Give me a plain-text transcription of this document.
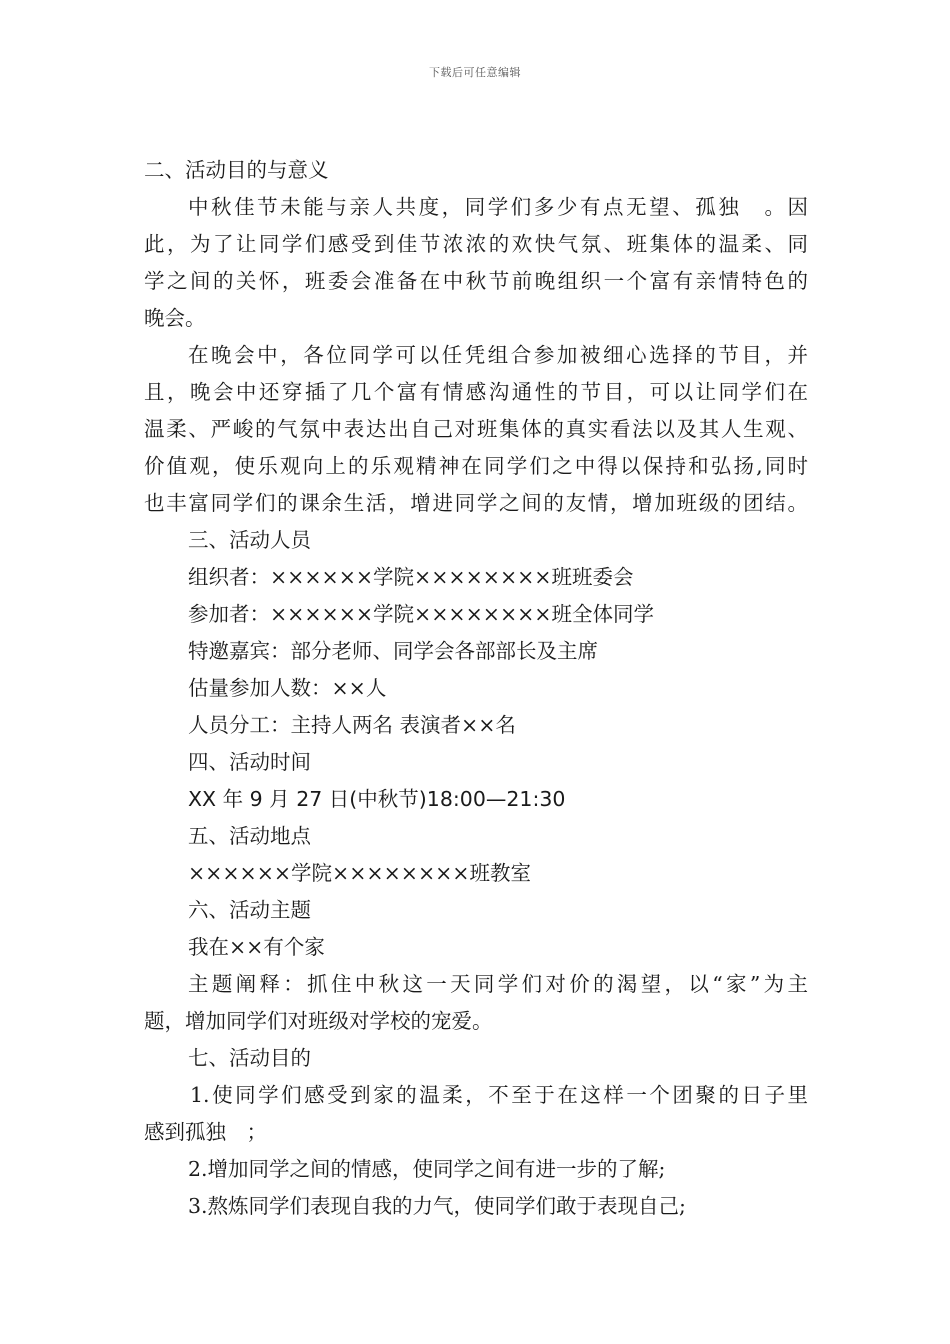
下载后可任意编辑
二、活动目的与意义
中秋佳节未能与亲人共度，同学们多少有点无望、孤独　。因
此，为了让同学们感受到佳节浓浓的欢快气氛、班集体的温柔、同
学之间的关怀，班委会准备在中秋节前晚组织一个富有亲情特色的
晚会。
在晚会中，各位同学可以任凭组合参加被细心选择的节目，并
且，晚会中还穿插了几个富有情感沟通性的节目，可以让同学们在
温柔、严峻的气氛中表达出自己对班集体的真实看法以及其人生观、
价值观，使乐观向上的乐观精神在同学们之中得以保持和弘扬,同时
也丰富同学们的课余生活，增进同学之间的友情，增加班级的团结。
三、活动人员
组织者：××××××学院××××××××班班委会
参加者：××××××学院××××××××班全体同学
特邀嘉宾：部分老师、同学会各部部长及主席
估量参加人数：××人
人员分工：主持人两名 表演者××名
四、活动时间
XX 年 9 月 27 日(中秋节)18:00—21:30
五、活动地点
××××××学院××××××××班教室
六、活动主题
我在××有个家
主题阐释：抓住中秋这一天同学们对价的渴望，以“家”为主
题，增加同学们对班级对学校的宠爱。
七、活动目的
1.使同学们感受到家的温柔，不至于在这样一个团聚的日子里
感到孤独　；
2.增加同学之间的情感，使同学之间有进一步的了解;
3.熬炼同学们表现自我的力气，使同学们敢于表现自己;
